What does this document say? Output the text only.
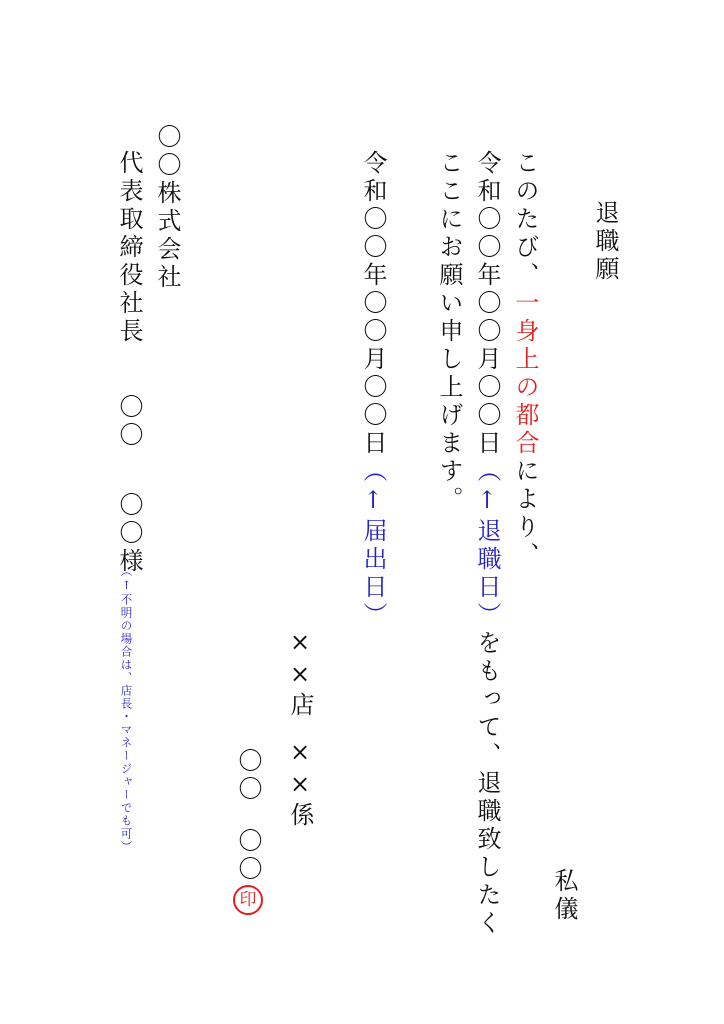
退職願
私儀
このたび、一身上の都合により、
令和〇〇年〇〇月〇〇日（↑退職日）をもって、退職致したく
ここにお願い申し上げます。
令和〇〇年〇〇月〇〇日（↑届出日）
××店
××係
〇〇
〇〇
印
〇〇株式会社
代表取締役社長
〇〇
〇〇様
（↑不明の場合は、店長・マネージャーでも可）
